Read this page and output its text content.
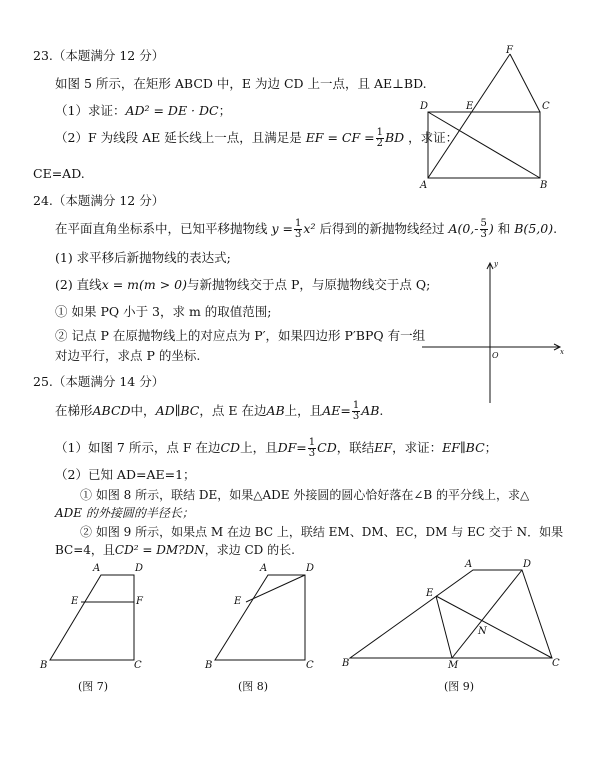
23.（本题满分 12 分）
如图 5 所示，在矩形 ABCD 中，E 为边 CD 上一点，且 AE⊥BD.
（1）求证：AD² = DE · DC；
（2）F 为线段 AE 延长线上一点，且满足是 EF = CF = $\frac{1}{2}$ BD ，求证：
CE=AD.
F
D	E	C
A	B
24.（本题满分 12 分）
在平面直角坐标系中，已知平移抛物线 $y = \frac{1}{3} x^2$ 后得到的新抛物线经过 $A(0,- \frac{5}{3}$ ) 和 B(5,0).
(1) 求平移后新抛物线的表达式;
(2) 直线x = m(m > 0)与新抛物线交于点 P，与原抛物线交于点 Q;
① 如果 PQ 小于 3，求 m 的取值范围;
② 记点 P 在原抛物线上的对应点为 P′，如果四边形 P′BPQ 有一组
对边平行，求点 P 的坐标.
y
x
O
25.（本题满分 14 分）
在梯形ABCD中，AD∥BC，点 E 在边AB上，且$AE= \frac{1}{3}$ AB.
（1）如图 7 所示，点 F 在边CD上，且$DF= \frac{1}{3}$ CD，联结EF，求证：EF∥BC；
（2）已知 AD=AE=1；
① 如图 8 所示，联结 DE，如果△ADE 外接圆的圆心恰好落在∠B 的平分线上，求△
ADE 的外接圆的半径长；
② 如图 9 所示，如果点 M 在边 BC 上，联结 EM、DM、EC，DM 与 EC 交于 N．如果
BC=4，且CD² = DM?DN，求边 CD 的长.
A	D
E	F
B	C
(图 7)
A	D
E
B	C
(图 8)
A	D
E
N
B	M	C
(图 9)
